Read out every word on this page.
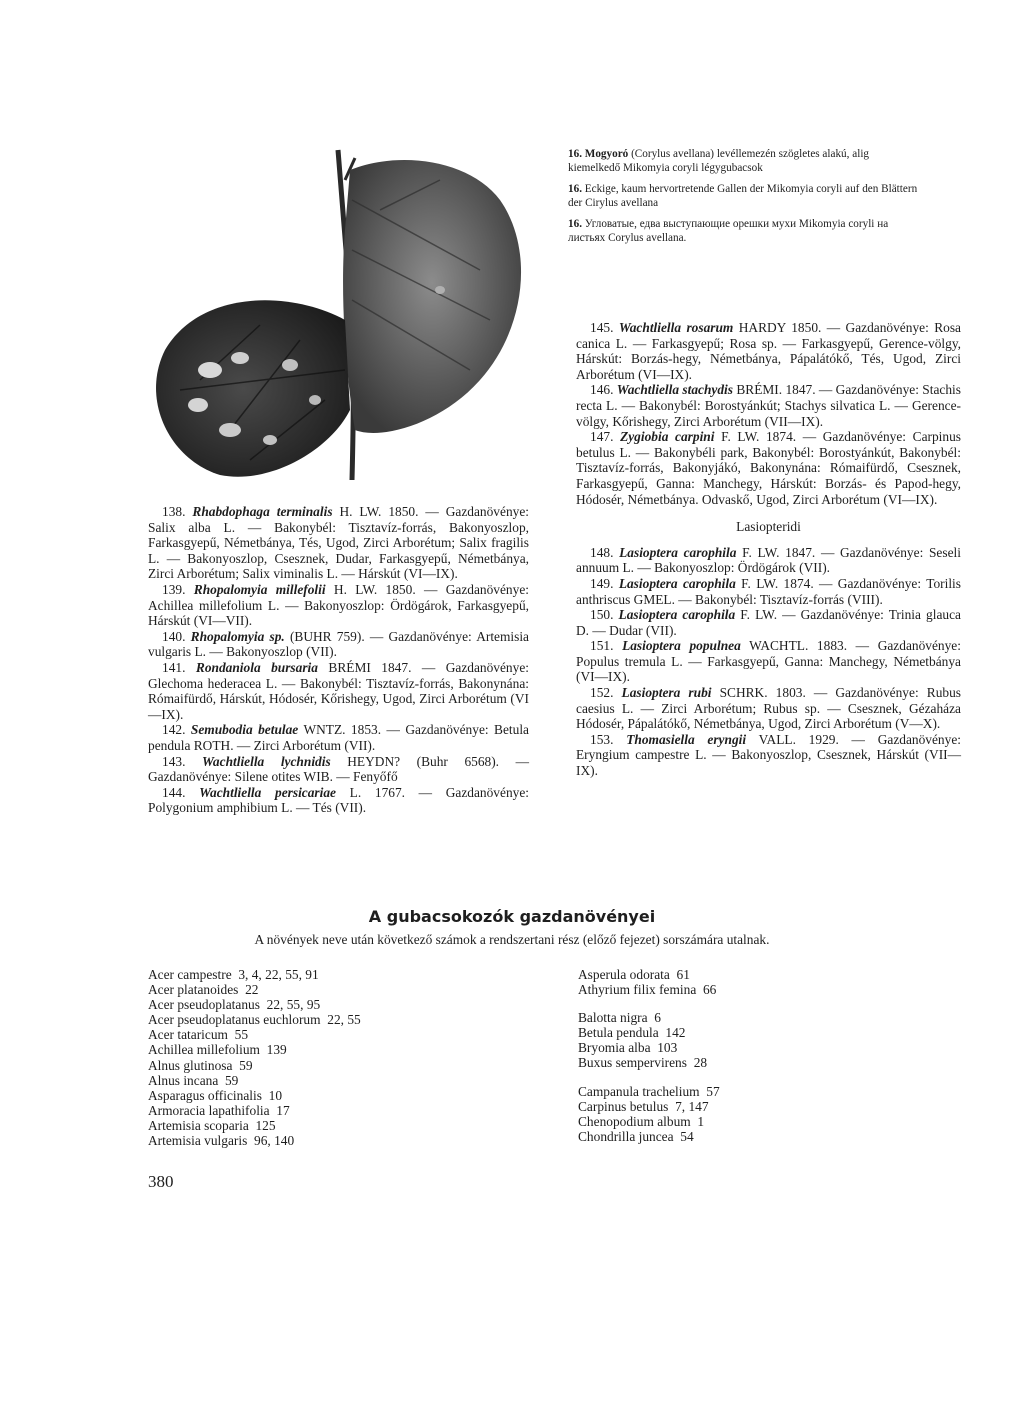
16. Mogyoró (Corylus avellana) levéllemezén szögletes alakú, alig kiemelkedő Mikomyia coryli légygubacsok

16. Eckige, kaum hervortretende Gallen der Mikomyia coryli auf den Blättern der Cirylus avellana

16. Угловатые, едва выступающие орешки мухи Mikomyia coryli на листьях Corylus avellana.

138. Rhabdophaga terminalis H. LW. 1850. — Gazdanövénye: Salix alba L. — Bakonybél: Tisztavíz-forrás, Bakonyoszlop, Farkasgyepű, Németbánya, Tés, Ugod, Zirci Arborétum; Salix fragilis L. — Bakonyoszlop, Csesznek, Dudar, Farkasgyepű, Németbánya, Zirci Arborétum; Salix viminalis L. — Hárskút (VI—IX).

139. Rhopalomyia millefolii H. LW. 1850. — Gazdanövénye: Achillea millefolium L. — Bakonyoszlop: Ördögárok, Farkasgyepű, Hárskút (VI—VII).

140. Rhopalomyia sp. (BUHR 759). — Gazdanövénye: Artemisia vulgaris L. — Bakonyoszlop (VII).

141. Rondaniola bursaria BRÉMI 1847. — Gazdanövénye: Glechoma hederacea L. — Bakonybél: Tisztavíz-forrás, Bakonynána: Rómaifürdő, Hárskút, Hódosér, Kőrishegy, Ugod, Zirci Arborétum (VI—IX).

142. Semubodia betulae WNTZ. 1853. — Gazdanövénye: Betula pendula ROTH. — Zirci Arborétum (VII).

143. Wachtliella lychnidis HEYDN? (Buhr 6568). — Gazdanövénye: Silene otites WIB. — Fenyőfő

144. Wachtliella persicariae L. 1767. — Gazdanövénye: Polygonium amphibium L. — Tés (VII).

145. Wachtliella rosarum HARDY 1850. — Gazdanövénye: Rosa canica L. — Farkasgyepű; Rosa sp. — Farkasgyepű, Gerence-völgy, Hárskút: Borzás-hegy, Németbánya, Pápalátókő, Tés, Ugod, Zirci Arborétum (VI—IX).

146. Wachtliella stachydis BRÉMI. 1847. — Gazdanövénye: Stachis recta L. — Bakonybél: Borostyánkút; Stachys silvatica L. — Gerence-völgy, Kőrishegy, Zirci Arborétum (VII—IX).

147. Zygiobia carpini F. LW. 1874. — Gazdanövénye: Carpinus betulus L. — Bakonybéli park, Bakonybél: Borostyánkút, Bakonybél: Tisztavíz-forrás, Bakonyjákó, Bakonynána: Rómaifürdő, Csesznek, Farkasgyepű, Ganna: Manchegy, Hárskút: Borzás- és Papod-hegy, Hódosér, Németbánya. Odvaskő, Ugod, Zirci Arborétum (VI—IX).

Lasiopteridi

148. Lasioptera carophila F. LW. 1847. — Gazdanövénye: Seseli annuum L. — Bakonyoszlop: Ördögárok (VII).

149. Lasioptera carophila F. LW. 1874. — Gazdanövénye: Torilis anthriscus GMEL. — Bakonybél: Tisztavíz-forrás (VIII).

150. Lasioptera carophila F. LW. — Gazdanövénye: Trinia glauca D. — Dudar (VII).

151. Lasioptera populnea WACHTL. 1883. — Gazdanövénye: Populus tremula L. — Farkasgyepű, Ganna: Manchegy, Németbánya (VI—IX).

152. Lasioptera rubi SCHRK. 1803. — Gazdanövénye: Rubus caesius L. — Zirci Arborétum; Rubus sp. — Csesznek, Gézaháza Hódosér, Pápalátókő, Németbánya, Ugod, Zirci Arborétum (V—X).

153. Thomasiella eryngii VALL. 1929. — Gazdanövénye: Eryngium campestre L. — Bakonyoszlop, Csesznek, Hárskút (VII—IX).

A gubacsokozók gazdanövényei
A növények neve után következő számok a rendszertani rész (előző fejezet) sorszámára utalnak.
Acer campestre 3, 4, 22, 55, 91
Acer platanoides 22
Acer pseudoplatanus 22, 55, 95
Acer pseudoplatanus euchlorum 22, 55
Acer tataricum 55
Achillea millefolium 139
Alnus glutinosa 59
Alnus incana 59
Asparagus officinalis 10
Armoracia lapathifolia 17
Artemisia scoparia 125
Artemisia vulgaris 96, 140
Asperula odorata 61
Athyrium filix femina 66
Balotta nigra 6
Betula pendula 142
Bryomia alba 103
Buxus sempervirens 28
Campanula trachelium 57
Carpinus betulus 7, 147
Chenopodium album 1
Chondrilla juncea 54
380
